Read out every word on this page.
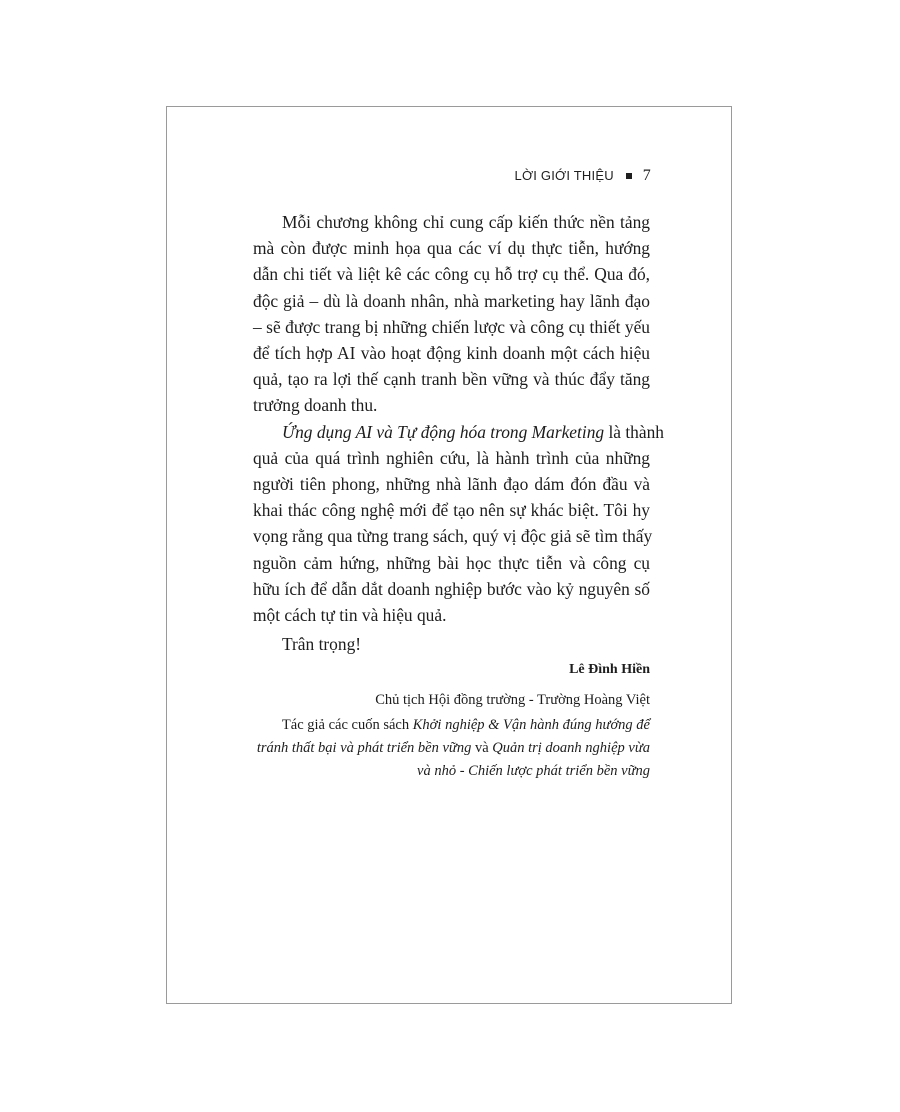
LỜI GIỚI THIỆU 7
Mỗi chương không chỉ cung cấp kiến thức nền tảng
mà còn được minh họa qua các ví dụ thực tiễn, hướng
dẫn chi tiết và liệt kê các công cụ hỗ trợ cụ thể. Qua đó,
độc giả – dù là doanh nhân, nhà marketing hay lãnh đạo
– sẽ được trang bị những chiến lược và công cụ thiết yếu
để tích hợp AI vào hoạt động kinh doanh một cách hiệu
quả, tạo ra lợi thế cạnh tranh bền vững và thúc đẩy tăng
trưởng doanh thu.
Ứng dụng AI và Tự động hóa trong Marketing là thành
quả của quá trình nghiên cứu, là hành trình của những
người tiên phong, những nhà lãnh đạo dám đón đầu và
khai thác công nghệ mới để tạo nên sự khác biệt. Tôi hy
vọng rằng qua từng trang sách, quý vị độc giả sẽ tìm thấy
nguồn cảm hứng, những bài học thực tiễn và công cụ
hữu ích để dẫn dắt doanh nghiệp bước vào kỷ nguyên số
một cách tự tin và hiệu quả.
Trân trọng!
Lê Đình Hiền
Chủ tịch Hội đồng trường - Trường Hoàng Việt
Tác giả các cuốn sách Khởi nghiệp & Vận hành đúng hướng để
tránh thất bại và phát triển bền vững và Quản trị doanh nghiệp vừa
và nhỏ - Chiến lược phát triển bền vững
